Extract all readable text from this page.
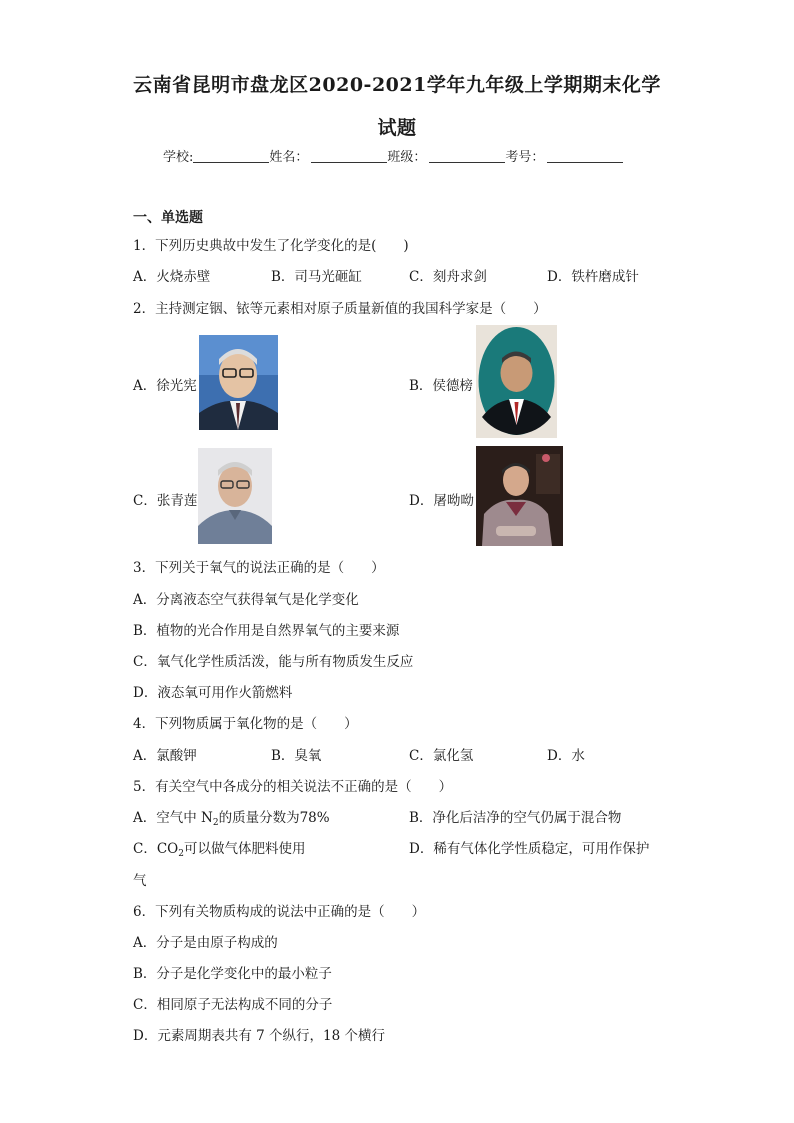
云南省昆明市盘龙区2020-2021学年九年级上学期期末化学
试题
学校:	姓名：	班级：	考号：
一、单选题
1．下列历史典故中发生了化学变化的是(　　)
A．火烧赤壁	B．司马光砸缸	C．刻舟求剑	D．铁杵磨成针
2．主持测定铟、铱等元素相对原子质量新值的我国科学家是（　　）
A．徐光宪	B．侯德榜
C．张青莲	D．屠呦呦
3．下列关于氧气的说法正确的是（　　）
A．分离液态空气获得氧气是化学变化
B．植物的光合作用是自然界氧气的主要来源
C．氧气化学性质活泼，能与所有物质发生反应
D．液态氧可用作火箭燃料
4．下列物质属于氧化物的是（　　）
A．氯酸钾	B．臭氧	C．氯化氢	D．水
5．有关空气中各成分的相关说法不正确的是（　　）
A．空气中 $N_2$的质量分数为78%	B．净化后洁净的空气仍属于混合物
C．$CO_2$可以做气体肥料使用	D．稀有气体化学性质稳定，可用作保护
气
6．下列有关物质构成的说法中正确的是（　　）
A．分子是由原子构成的
B．分子是化学变化中的最小粒子
C．相同原子无法构成不同的分子
D．元素周期表共有 7 个纵行，18 个横行
